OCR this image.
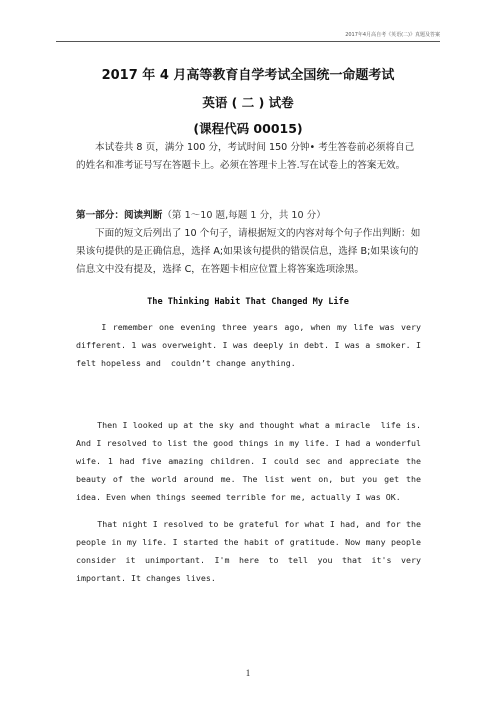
2017年4月高自考《英语(二)》真题及答案
2017 年 4 月高等教育自学考试全国统一命题考试
英语 ( 二 ) 试卷
(课程代码 00015)
本试卷共 8 页，满分 100 分，考试时间 150 分钟• 考生答卷前必须将自己的姓名和准考证号写在答题卡上。必须在答理卡上答.写在试卷上的答案无效。
第一部分：阅读判断（第 1〜10 题,每题 1 分，共 10 分）
下面的短文后列出了 10 个句子，请根据短文的内容对每个句子作出判断：如果该句提供的是正确信息，选择 A;如果该句提供的错误信息，选择 B;如果该句的信息文中没有提及，选择 C，在答题卡相应位置上将答案选项涂黑。
The Thinking Habit That Changed My Life
I remember one evening three years ago, when my life was very different. 1 was overweight. I was deeply in debt. I was a smoker. I felt hopeless and  couldn’t change anything.
Then I looked up at the sky and thought what a miracle  life is. And I resolved to list the good things in my life. I had a wonderful wife. 1 had five amazing children. I could sec and appreciate the beauty of the world around me. The list went on, but you get the idea. Even when things seemed terrible for me, actually I was OK.
That night I resolved to be grateful for what I had, and for the people in my life. I started the habit of gratitude. Now many people consider it unimportant. I'm here to tell you that it's very important. It changes lives.
1
